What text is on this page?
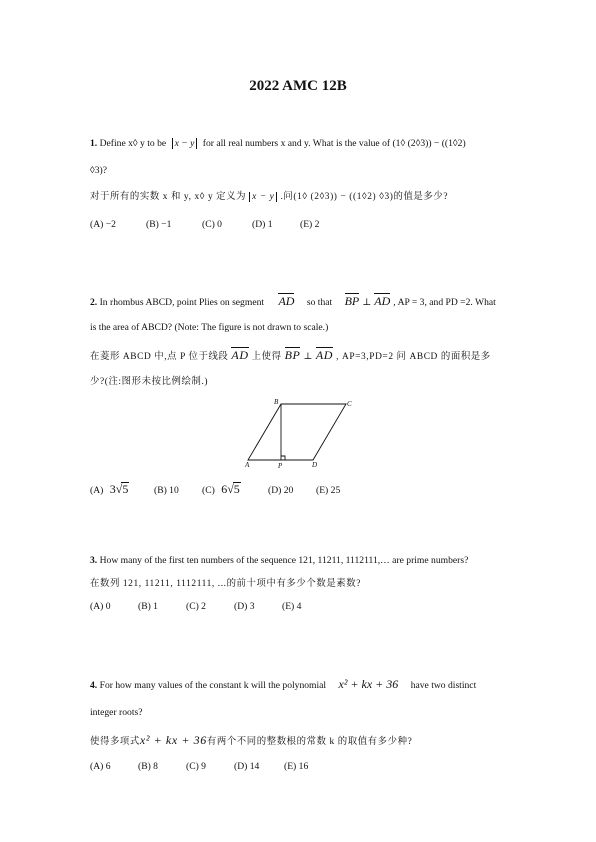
2022 AMC 12B
1. Define x◊ y to be x − y for all real numbers x and y. What is the value of (1◊ (2◊3)) − ((1◊2)
◊3)?
对于所有的实数 x 和 y, x◊ y 定义为 x − y .问(1◊ (2◊3)) − ((1◊2) ◊3)的值是多少?
(A) −2	(B) −1	(C) 0	(D) 1	(E) 2
2. In rhombus ABCD, point Plies on segment AD so that BP ⊥ AD , AP = 3, and PD =2. What
is the area of ABCD? (Note: The figure is not drawn to scale.)
在菱形 ABCD 中,点 P 位于线段 AD 上使得 BP ⊥ AD , AP=3,PD=2 问 ABCD 的面积是多
少?(注:图形未按比例绘制.)
B	C
A	P	D
(A) 3√5	(B) 10 (C) 6√5	(D) 20 (E) 25
3. How many of the first ten numbers of the sequence 121, 11211, 1112111,… are prime numbers?
在数列 121, 11211, 1112111, ...的前十项中有多少个数是素数?
(A) 0	(B) 1	(C) 2	(D) 3	(E) 4
4. For how many values of the constant k will the polynomial x² + kx + 36 have two distinct
integer roots?
使得多项式x² + kx + 36有两个不同的整数根的常数 k 的取值有多少种?
(A) 6	(B) 8	(C) 9	(D) 14	(E) 16
